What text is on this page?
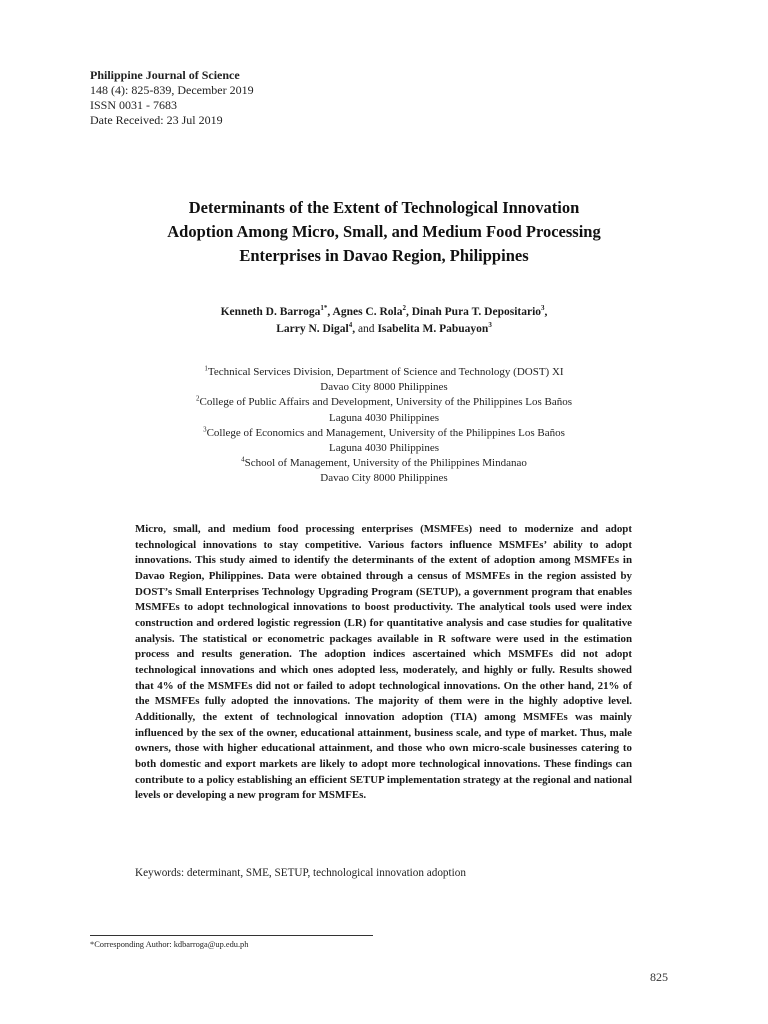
Philippine Journal of Science
148 (4): 825-839, December 2019
ISSN 0031 - 7683
Date Received: 23 Jul 2019
Determinants of the Extent of Technological Innovation
Adoption Among Micro, Small, and Medium Food Processing
Enterprises in Davao Region, Philippines
Kenneth D. Barroga$^{1*}$, Agnes C. Rola$^2$, Dinah Pura T. Depositario$^3$,
Larry N. Digal$^4$, and Isabelita M. Pabuayon$^3$
$^1$Technical Services Division, Department of Science and Technology (DOST) XI
Davao City 8000 Philippines
$^2$College of Public Affairs and Development, University of the Philippines Los Baños
Laguna 4030 Philippines
$^3$College of Economics and Management, University of the Philippines Los Baños
Laguna 4030 Philippines
$^4$School of Management, University of the Philippines Mindanao
Davao City 8000 Philippines
Micro, small, and medium food processing enterprises (MSMFEs) need to modernize and adopt technological innovations to stay competitive. Various factors influence MSMFEs’ ability to adopt innovations. This study aimed to identify the determinants of the extent of adoption among MSMFEs in Davao Region, Philippines. Data were obtained through a census of MSMFEs in the region assisted by DOST’s Small Enterprises Technology Upgrading Program (SETUP), a government program that enables MSMFEs to adopt technological innovations to boost productivity. The analytical tools used were index construction and ordered logistic regression (LR) for quantitative analysis and case studies for qualitative analysis. The statistical or econometric packages available in R software were used in the estimation process and results generation. The adoption indices ascertained which MSMFEs did not adopt technological innovations and which ones adopted less, moderately, and highly or fully. Results showed that 4% of the MSMFEs did not or failed to adopt technological innovations. On the other hand, 21% of the MSMFEs fully adopted the innovations. The majority of them were in the highly adoptive level. Additionally, the extent of technological innovation adoption (TIA) among MSMFEs was mainly influenced by the sex of the owner, educational attainment, business scale, and type of market. Thus, male owners, those with higher educational attainment, and those who own micro-scale businesses catering to both domestic and export markets are likely to adopt more technological innovations. These findings can contribute to a policy establishing an efficient SETUP implementation strategy at the regional and national levels or developing a new program for MSMFEs.
Keywords: determinant, SME, SETUP, technological innovation adoption
*Corresponding Author: kdbarroga@up.edu.ph
825
